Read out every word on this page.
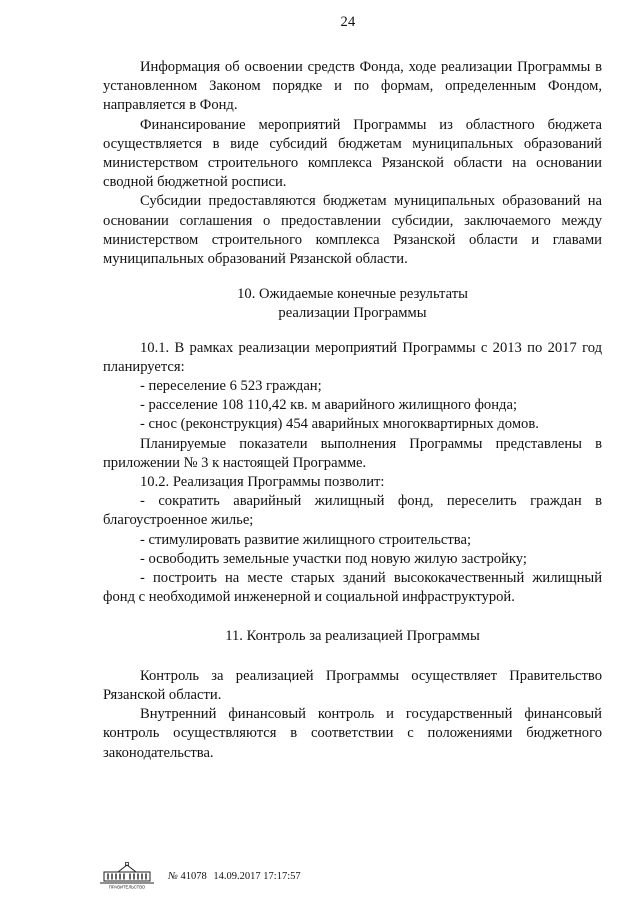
24

Информация об освоении средств Фонда, ходе реализации Программы в установленном Законом порядке и по формам, определенным Фондом, направляется в Фонд.

Финансирование мероприятий Программы из областного бюджета осуществляется в виде субсидий бюджетам муниципальных образований министерством строительного комплекса Рязанской области на основании сводной бюджетной росписи.

Субсидии предоставляются бюджетам муниципальных образований на основании соглашения о предоставлении субсидии, заключаемого между министерством строительного комплекса Рязанской области и главами муниципальных образований Рязанской области.

10. Ожидаемые конечные результаты

реализации Программы

10.1. В рамках реализации мероприятий Программы с 2013 по 2017 год планируется:

- переселение 6 523 граждан;

- расселение 108 110,42 кв. м аварийного жилищного фонда;

- снос (реконструкция) 454 аварийных многоквартирных домов.

Планируемые показатели выполнения Программы представлены в приложении № 3 к настоящей Программе.

10.2. Реализация Программы позволит:

- сократить аварийный жилищный фонд, переселить граждан в благоустроенное жилье;

- стимулировать развитие жилищного строительства;

- освободить земельные участки под новую жилую застройку;

- построить на месте старых зданий высококачественный жилищный фонд с необходимой инженерной и социальной инфраструктурой.

11. Контроль за реализацией Программы

Контроль за реализацией Программы осуществляет Правительство Рязанской области.

Внутренний финансовый контроль и государственный финансовый контроль осуществляются в соответствии с положениями бюджетного законодательства.

ПРАВИТЕЛЬСТВО
№ 41078 14.09.2017 17:17:57
